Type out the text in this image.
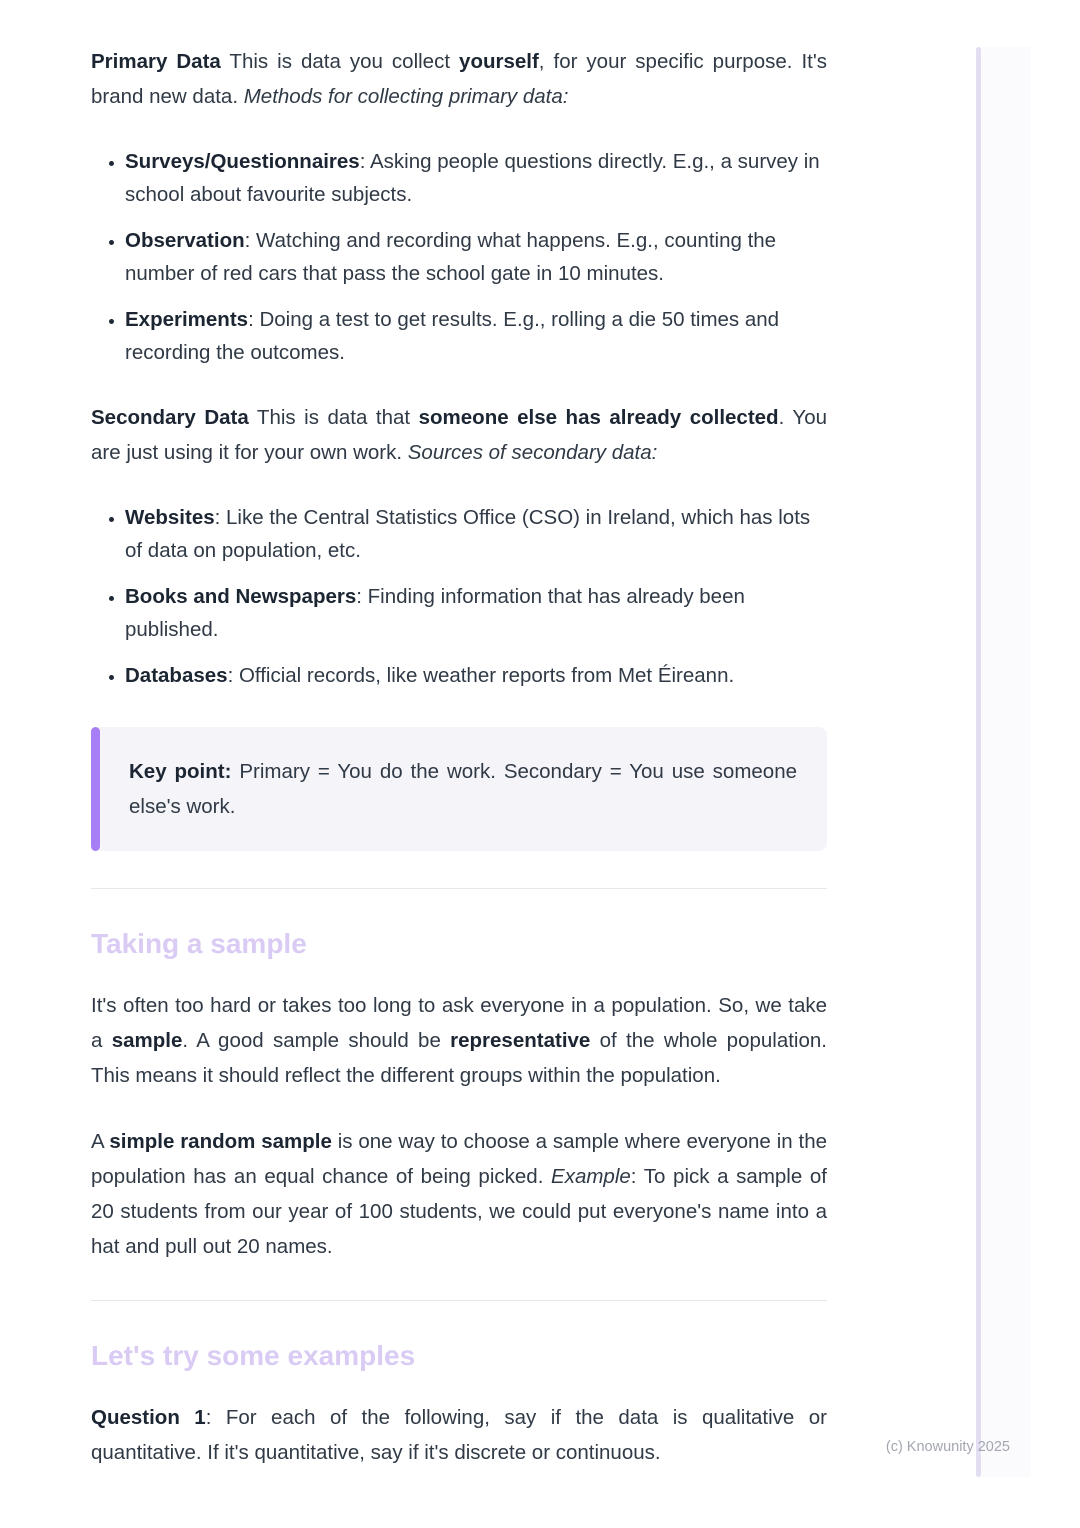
Primary Data This is data you collect yourself, for your specific purpose. It's brand new data. Methods for collecting primary data:

• Surveys/Questionnaires: Asking people questions directly. E.g., a survey in school about favourite subjects.
• Observation: Watching and recording what happens. E.g., counting the number of red cars that pass the school gate in 10 minutes.
• Experiments: Doing a test to get results. E.g., rolling a die 50 times and recording the outcomes.

Secondary Data This is data that someone else has already collected. You are just using it for your own work. Sources of secondary data:

• Websites: Like the Central Statistics Office (CSO) in Ireland, which has lots of data on population, etc.
• Books and Newspapers: Finding information that has already been published.
• Databases: Official records, like weather reports from Met Éireann.

Key point: Primary = You do the work. Secondary = You use someone else's work.

Taking a sample

It's often too hard or takes too long to ask everyone in a population. So, we take a sample. A good sample should be representative of the whole population. This means it should reflect the different groups within the population.

A simple random sample is one way to choose a sample where everyone in the population has an equal chance of being picked. Example: To pick a sample of 20 students from our year of 100 students, we could put everyone's name into a hat and pull out 20 names.

Let's try some examples

Question 1: For each of the following, say if the data is qualitative or quantitative. If it's quantitative, say if it's discrete or continuous.	(c) Knowunity 2025
